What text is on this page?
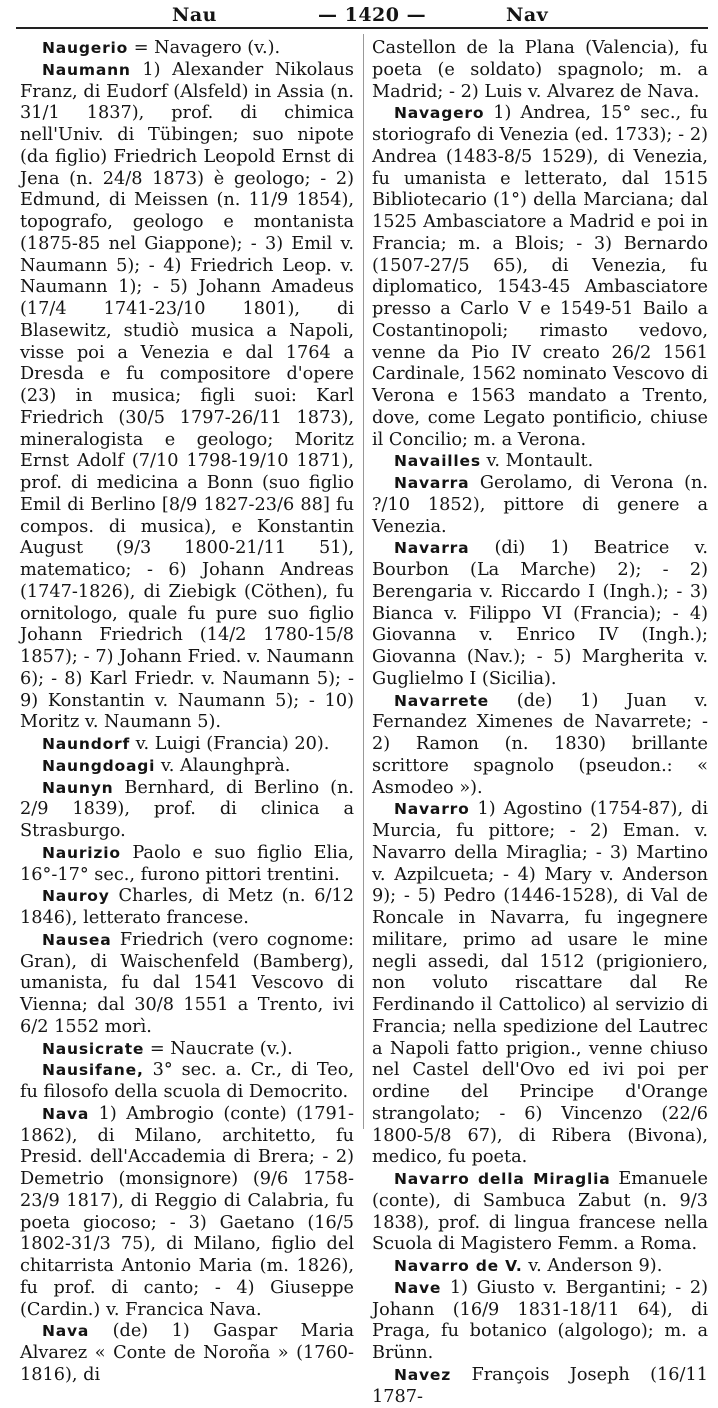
Nau	— 1420 —	Nav

Naugerio = Navagero (v.).

Naumann 1) Alexander Nikolaus Franz, di Eudorf (Alsfeld) in Assia (n. 31/1 1837), prof. di chimica nell'Univ. di Tübingen; suo nipote (da figlio) Friedrich Leopold Ernst di Jena (n. 24/8 1873) è geologo; - 2) Edmund, di Meissen (n. 11/9 1854), topografo, geologo e montanista (1875-85 nel Giappone); - 3) Emil v. Naumann 5); - 4) Friedrich Leop. v. Naumann 1); - 5) Johann Amadeus (17/4 1741-23/10 1801), di Blasewitz, studiò musica a Napoli, visse poi a Venezia e dal 1764 a Dresda e fu compositore d'opere (23) in musica; figli suoi: Karl Friedrich (30/5 1797-26/11 1873), mineralogista e geologo; Moritz Ernst Adolf (7/10 1798-19/10 1871), prof. di medicina a Bonn (suo figlio Emil di Berlino [8/9 1827-23/6 88] fu compos. di musica), e Konstantin August (9/3 1800-21/11 51), matematico; - 6) Johann Andreas (1747-1826), di Ziebigk (Cöthen), fu ornitologo, quale fu pure suo figlio Johann Friedrich (14/2 1780-15/8 1857); - 7) Johann Fried. v. Naumann 6); - 8) Karl Friedr. v. Naumann 5); - 9) Konstantin v. Naumann 5); - 10) Moritz v. Naumann 5).

Naundorf v. Luigi (Francia) 20).

Naungdoagi v. Alaunghprà.

Naunyn Bernhard, di Berlino (n. 2/9 1839), prof. di clinica a Strasburgo.

Naurizio Paolo e suo figlio Elia, 16°-17° sec., furono pittori trentini.

Nauroy Charles, di Metz (n. 6/12 1846), letterato francese.

Nausea Friedrich (vero cognome: Gran), di Waischenfeld (Bamberg), umanista, fu dal 1541 Vescovo di Vienna; dal 30/8 1551 a Trento, ivi 6/2 1552 morì.

Nausicrate = Naucrate (v.).

Nausifane, 3° sec. a. Cr., di Teo, fu filosofo della scuola di Democrito.

Nava 1) Ambrogio (conte) (1791-1862), di Milano, architetto, fu Presid. dell'Accademia di Brera; - 2) Demetrio (monsignore) (9/6 1758-23/9 1817), di Reggio di Calabria, fu poeta giocoso; - 3) Gaetano (16/5 1802-31/3 75), di Milano, figlio del chitarrista Antonio Maria (m. 1826), fu prof. di canto; - 4) Giuseppe (Cardin.) v. Francica Nava.

Nava (de) 1) Gaspar Maria Alvarez « Conte de Noroña » (1760-1816), di

Castellon de la Plana (Valencia), fu poeta (e soldato) spagnolo; m. a Madrid; - 2) Luis v. Alvarez de Nava.

Navagero 1) Andrea, 15° sec., fu storiografo di Venezia (ed. 1733); - 2) Andrea (1483-8/5 1529), di Venezia, fu umanista e letterato, dal 1515 Bibliotecario (1°) della Marciana; dal 1525 Ambasciatore a Madrid e poi in Francia; m. a Blois; - 3) Bernardo (1507-27/5 65), di Venezia, fu diplomatico, 1543-45 Ambasciatore presso a Carlo V e 1549-51 Bailo a Costantinopoli; rimasto vedovo, venne da Pio IV creato 26/2 1561 Cardinale, 1562 nominato Vescovo di Verona e 1563 mandato a Trento, dove, come Legato pontificio, chiuse il Concilio; m. a Verona.

Navailles v. Montault.

Navarra Gerolamo, di Verona (n. ?/10 1852), pittore di genere a Venezia.

Navarra (di) 1) Beatrice v. Bourbon (La Marche) 2); - 2) Berengaria v. Riccardo I (Ingh.); - 3) Bianca v. Filippo VI (Francia); - 4) Giovanna v. Enrico IV (Ingh.); Giovanna (Nav.); - 5) Margherita v. Guglielmo I (Sicilia).

Navarrete (de) 1) Juan v. Fernandez Ximenes de Navarrete; - 2) Ramon (n. 1830) brillante scrittore spagnolo (pseudon.: « Asmodeo »).

Navarro 1) Agostino (1754-87), di Murcia, fu pittore; - 2) Eman. v. Navarro della Miraglia; - 3) Martino v. Azpilcueta; - 4) Mary v. Anderson 9); - 5) Pedro (1446-1528), di Val de Roncale in Navarra, fu ingegnere militare, primo ad usare le mine negli assedi, dal 1512 (prigioniero, non voluto riscattare dal Re Ferdinando il Cattolico) al servizio di Francia; nella spedizione del Lautrec a Napoli fatto prigion., venne chiuso nel Castel dell'Ovo ed ivi poi per ordine del Principe d'Orange strangolato; - 6) Vincenzo (22/6 1800-5/8 67), di Ribera (Bivona), medico, fu poeta.

Navarro della Miraglia Emanuele (conte), di Sambuca Zabut (n. 9/3 1838), prof. di lingua francese nella Scuola di Magistero Femm. a Roma.

Navarro de V. v. Anderson 9).

Nave 1) Giusto v. Bergantini; - 2) Johann (16/9 1831-18/11 64), di Praga, fu botanico (algologo); m. a Brünn.

Navez François Joseph (16/11 1787-
